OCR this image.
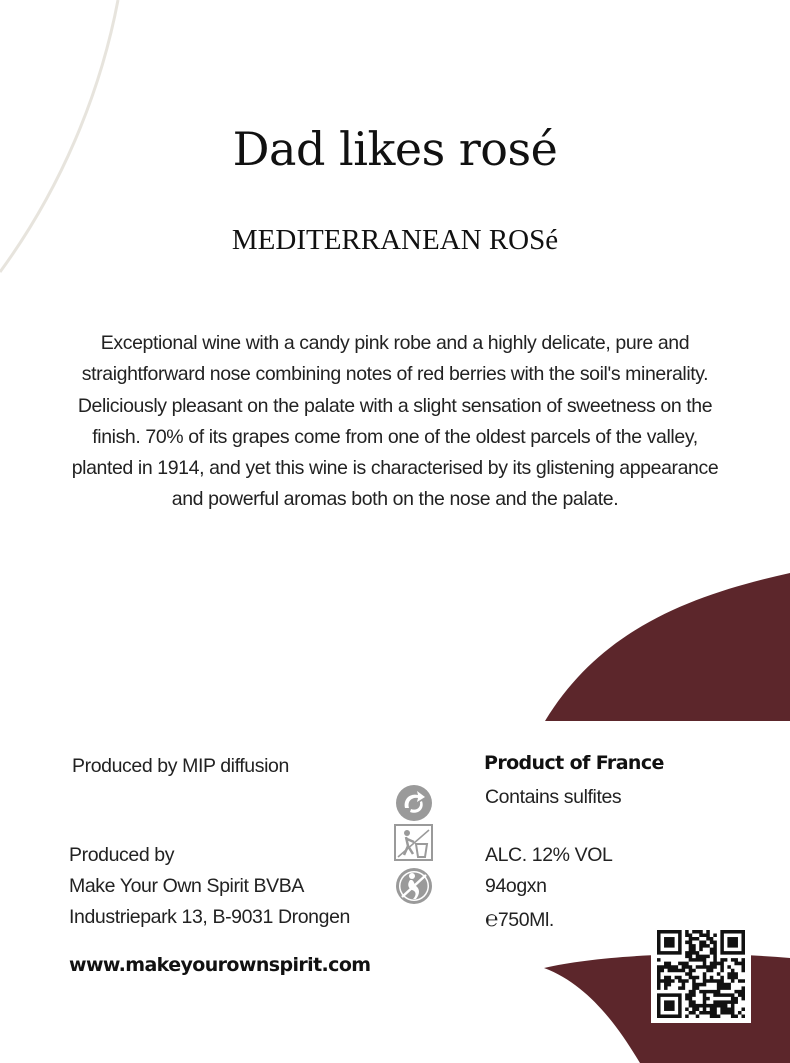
Dad likes rosé
MEDITERRANEAN ROSé
Exceptional wine with a candy pink robe and a highly delicate, pure and
straightforward nose combining notes of red berries with the soil's minerality.
Deliciously pleasant on the palate with a slight sensation of sweetness on the
finish. 70% of its grapes come from one of the oldest parcels of the valley,
planted in 1914, and yet this wine is characterised by its glistening appearance
and powerful aromas both on the nose and the palate.
Produced by MIP diffusion
Produced by
Make Your Own Spirit BVBA
Industriepark 13, B-9031 Drongen
www.makeyourownspirit.com
Product of France
Contains sulfites
ALC. 12% VOL
94ogxn
℮750Ml.
